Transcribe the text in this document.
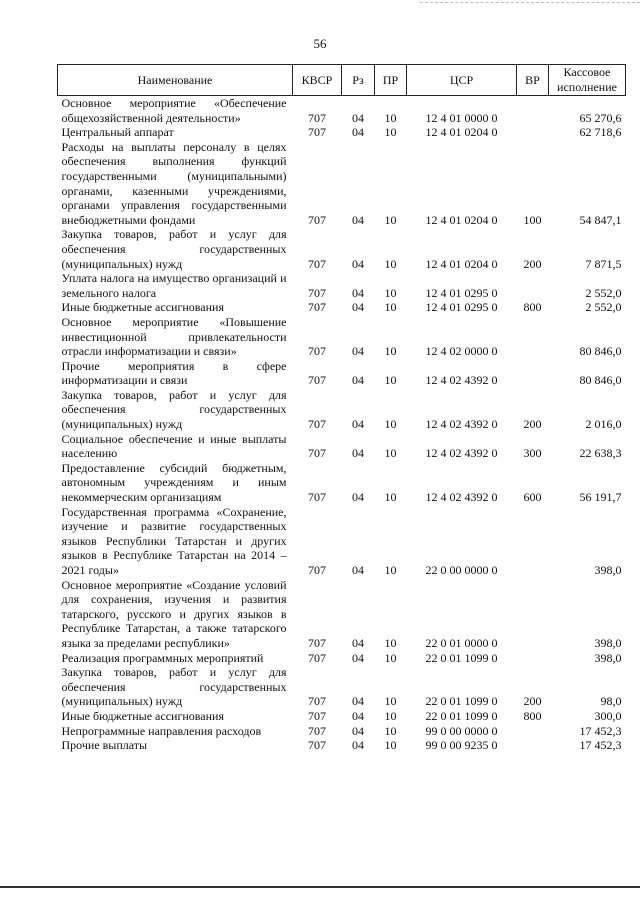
56
Наименование	КВСР	Рз	ПР	ЦСР	ВР	Кассовое исполнение
Основное мероприятие «Обеспечение общехозяйственной деятельности»	707	04	10	12 4 01 0000 0		65 270,6
Центральный аппарат	707	04	10	12 4 01 0204 0		62 718,6
Расходы на выплаты персоналу в целях обеспечения выполнения функций государственными (муниципальными) органами, казенными учреждениями, органами управления государственными внебюджетными фондами	707	04	10	12 4 01 0204 0	100	54 847,1
Закупка товаров, работ и услуг для обеспечения государственных (муниципальных) нужд	707	04	10	12 4 01 0204 0	200	7 871,5
Уплата налога на имущество организаций и земельного налога	707	04	10	12 4 01 0295 0		2 552,0
Иные бюджетные ассигнования	707	04	10	12 4 01 0295 0	800	2 552,0
Основное мероприятие «Повышение инвестиционной привлекательности отрасли информатизации и связи»	707	04	10	12 4 02 0000 0		80 846,0
Прочие мероприятия в сфере информатизации и связи	707	04	10	12 4 02 4392 0		80 846,0
Закупка товаров, работ и услуг для обеспечения государственных (муниципальных) нужд	707	04	10	12 4 02 4392 0	200	2 016,0
Социальное обеспечение и иные выплаты населению	707	04	10	12 4 02 4392 0	300	22 638,3
Предоставление субсидий бюджетным, автономным учреждениям и иным некоммерческим организациям	707	04	10	12 4 02 4392 0	600	56 191,7
Государственная программа «Сохранение, изучение и развитие государственных языков Республики Татарстан и других языков в Республике Татарстан на 2014 – 2021 годы»	707	04	10	22 0 00 0000 0		398,0
Основное мероприятие «Создание условий для сохранения, изучения и развития татарского, русского и других языков в Республике Татарстан, а также татарского языка за пределами республики»	707	04	10	22 0 01 0000 0		398,0
Реализация программных мероприятий	707	04	10	22 0 01 1099 0		398,0
Закупка товаров, работ и услуг для обеспечения государственных (муниципальных) нужд	707	04	10	22 0 01 1099 0	200	98,0
Иные бюджетные ассигнования	707	04	10	22 0 01 1099 0	800	300,0
Непрограммные направления расходов	707	04	10	99 0 00 0000 0		17 452,3
Прочие выплаты	707	04	10	99 0 00 9235 0		17 452,3
